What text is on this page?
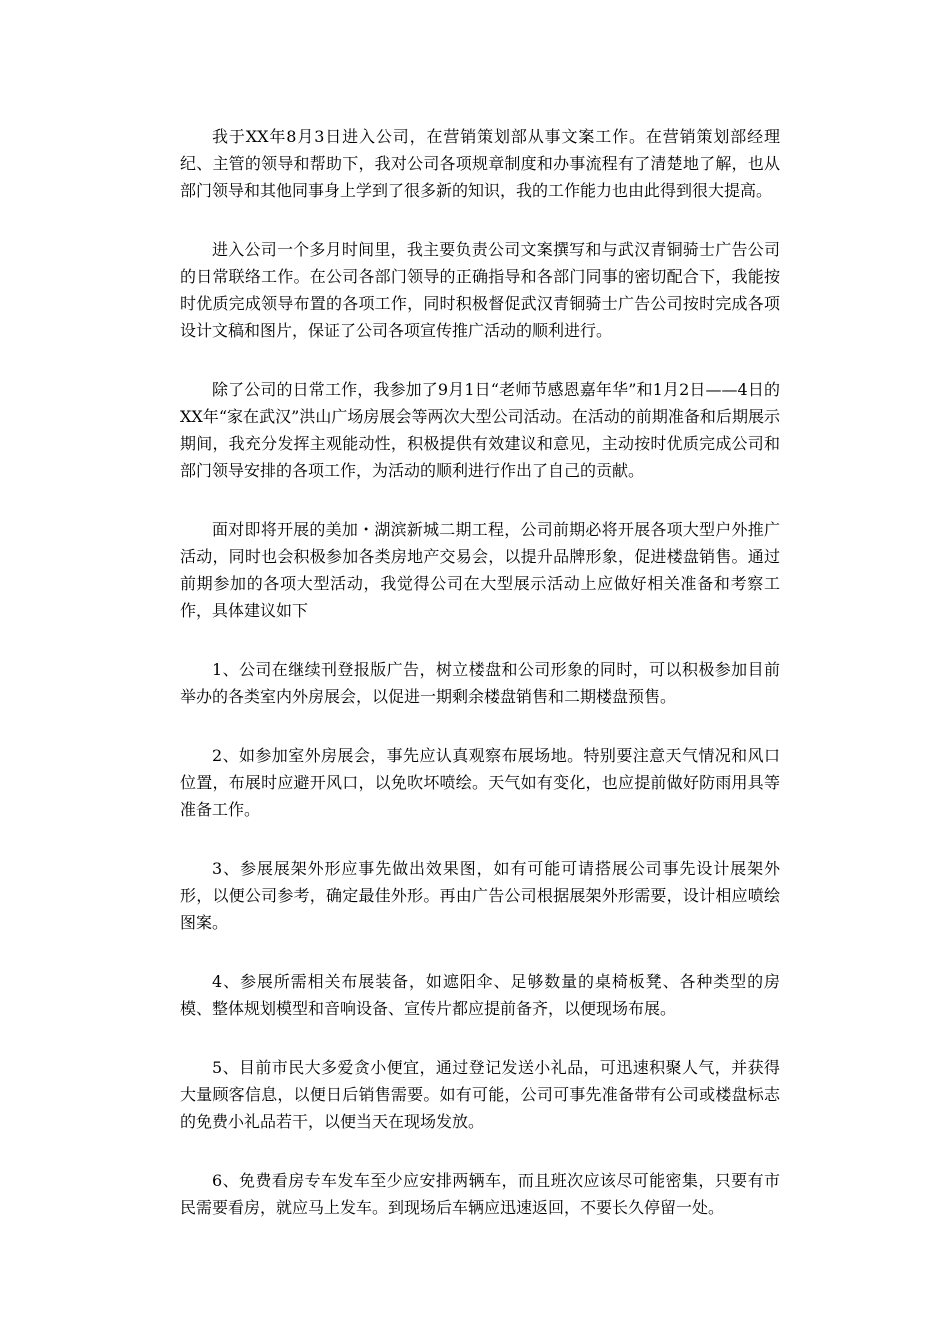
我于XX年8月3日进入公司，在营销策划部从事文案工作。在营销策划部经理纪、主管的领导和帮助下，我对公司各项规章制度和办事流程有了清楚地了解，也从部门领导和其他同事身上学到了很多新的知识，我的工作能力也由此得到很大提高。

进入公司一个多月时间里，我主要负责公司文案撰写和与武汉青铜骑士广告公司的日常联络工作。在公司各部门领导的正确指导和各部门同事的密切配合下，我能按时优质完成领导布置的各项工作，同时积极督促武汉青铜骑士广告公司按时完成各项设计文稿和图片，保证了公司各项宣传推广活动的顺利进行。

除了公司的日常工作，我参加了9月1日“老师节感恩嘉年华”和1月2日——4日的XX年“家在武汉”洪山广场房展会等两次大型公司活动。在活动的前期准备和后期展示期间，我充分发挥主观能动性，积极提供有效建议和意见，主动按时优质完成公司和部门领导安排的各项工作，为活动的顺利进行作出了自己的贡献。

面对即将开展的美加・湖滨新城二期工程，公司前期必将开展各项大型户外推广活动，同时也会积极参加各类房地产交易会，以提升品牌形象，促进楼盘销售。通过前期参加的各项大型活动，我觉得公司在大型展示活动上应做好相关准备和考察工作，具体建议如下

1、公司在继续刊登报版广告，树立楼盘和公司形象的同时，可以积极参加目前举办的各类室内外房展会，以促进一期剩余楼盘销售和二期楼盘预售。

2、如参加室外房展会，事先应认真观察布展场地。特别要注意天气情况和风口位置，布展时应避开风口，以免吹坏喷绘。天气如有变化，也应提前做好防雨用具等准备工作。

3、参展展架外形应事先做出效果图，如有可能可请搭展公司事先设计展架外形，以便公司参考，确定最佳外形。再由广告公司根据展架外形需要，设计相应喷绘图案。

4、参展所需相关布展装备，如遮阳伞、足够数量的桌椅板凳、各种类型的房模、整体规划模型和音响设备、宣传片都应提前备齐，以便现场布展。

5、目前市民大多爱贪小便宜，通过登记发送小礼品，可迅速积聚人气，并获得大量顾客信息，以便日后销售需要。如有可能，公司可事先准备带有公司或楼盘标志的免费小礼品若干，以便当天在现场发放。

6、免费看房专车发车至少应安排两辆车，而且班次应该尽可能密集，只要有市民需要看房，就应马上发车。到现场后车辆应迅速返回，不要长久停留一处。
